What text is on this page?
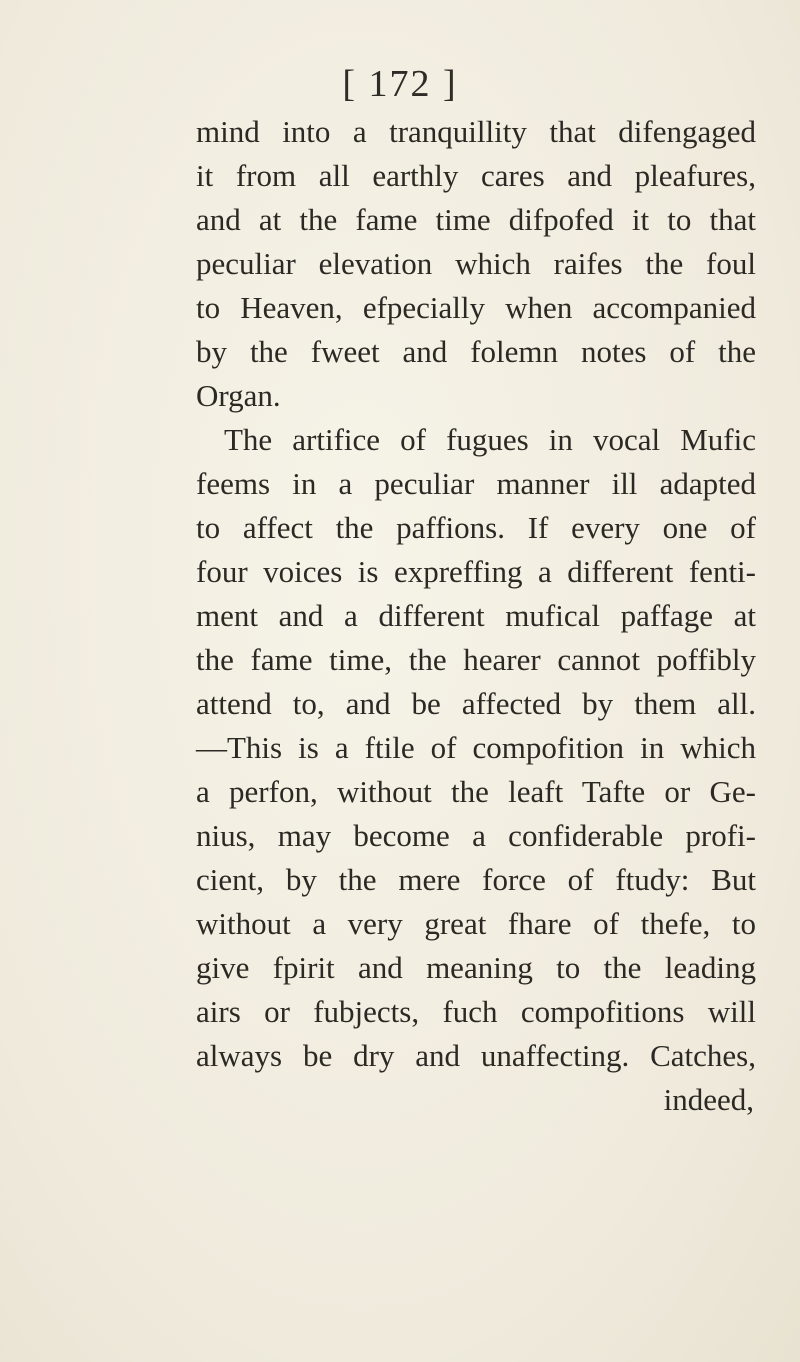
[ 172 ]
mind into a tranquillity that difengaged
it from all earthly cares and pleafures,
and at the fame time difpofed it to that
peculiar elevation which raifes the foul
to Heaven, efpecially when accompanied
by the fweet and folemn notes of the
Organ.
The artifice of fugues in vocal Mufic
feems in a peculiar manner ill adapted
to affect the paffions. If every one of
four voices is expreffing a different fenti-
ment and a different mufical paffage at
the fame time, the hearer cannot poffibly
attend to, and be affected by them all.
—This is a ftile of compofition in which
a perfon, without the leaft Tafte or Ge-
nius, may become a confiderable profi-
cient, by the mere force of ftudy: But
without a very great fhare of thefe, to
give fpirit and meaning to the leading
airs or fubjects, fuch compofitions will
always be dry and unaffecting. Catches,
indeed,
